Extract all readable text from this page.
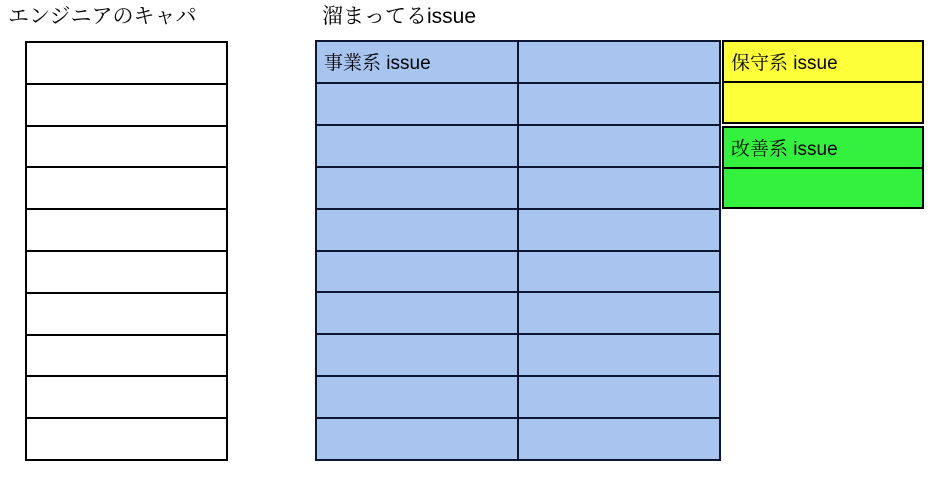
エンジニアのキャパ	溜まってるissue
事業系 issue	保守系 issue
改善系 issue
